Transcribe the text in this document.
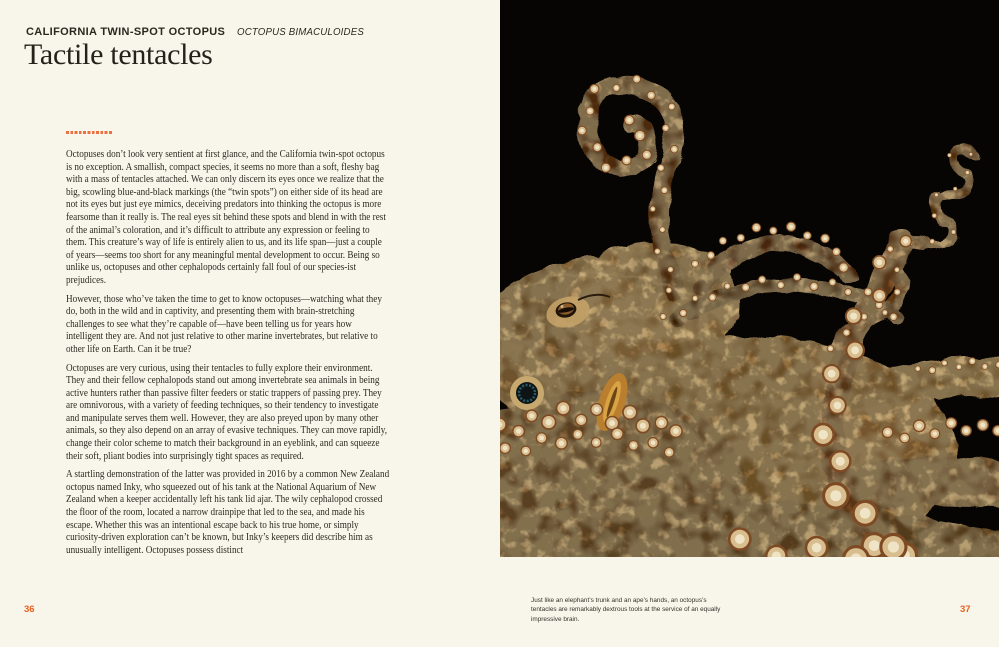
CALIFORNIA TWIN-SPOT OCTOPUS OCTOPUS BIMACULOIDES
Tactile tentacles

Octopuses don’t look very sentient at first glance, and the California twin-spot octopus is no exception. A smallish, compact species, it seems no more than a soft, fleshy bag with a mass of tentacles attached. We can only discern its eyes once we realize that the big, scowling blue-and-black markings (the “twin spots”) on either side of its head are not its eyes but just eye mimics, deceiving predators into thinking the octopus is more fearsome than it really is. The real eyes sit behind these spots and blend in with the rest of the animal’s coloration, and it’s difficult to attribute any expression or feeling to them. This creature’s way of life is entirely alien to us, and its life span—just a couple of years—seems too short for any meaningful mental development to occur. Being so unlike us, octopuses and other cephalopods certainly fall foul of our species-ist prejudices.

However, those who’ve taken the time to get to know octopuses—watching what they do, both in the wild and in captivity, and presenting them with brain-stretching challenges to see what they’re capable of—have been telling us for years how intelligent they are. And not just relative to other marine invertebrates, but relative to other life on Earth. Can it be true?

Octopuses are very curious, using their tentacles to fully explore their environment. They and their fellow cephalopods stand out among invertebrate sea animals in being active hunters rather than passive filter feeders or static trappers of passing prey. They are omnivorous, with a variety of feeding techniques, so their tendency to investigate and manipulate serves them well. However, they are also preyed upon by many other animals, so they also depend on an array of evasive techniques. They can move rapidly, change their color scheme to match their background in an eyeblink, and can squeeze their soft, pliant bodies into surprisingly tight spaces as required.

A startling demonstration of the latter was provided in 2016 by a common New Zealand octopus named Inky, who squeezed out of his tank at the National Aquarium of New Zealand when a keeper accidentally left his tank lid ajar. The wily cephalopod crossed the floor of the room, located a narrow drainpipe that led to the sea, and made his escape. Whether this was an intentional escape back to his true home, or simply curiosity-driven exploration can’t be known, but Inky’s keepers did describe him as unusually intelligent. Octopuses possess distinct

36

Just like an elephant’s trunk and an ape’s hands, an octopus’s tentacles are remarkably dextrous tools at the service of an equally impressive brain.

37
